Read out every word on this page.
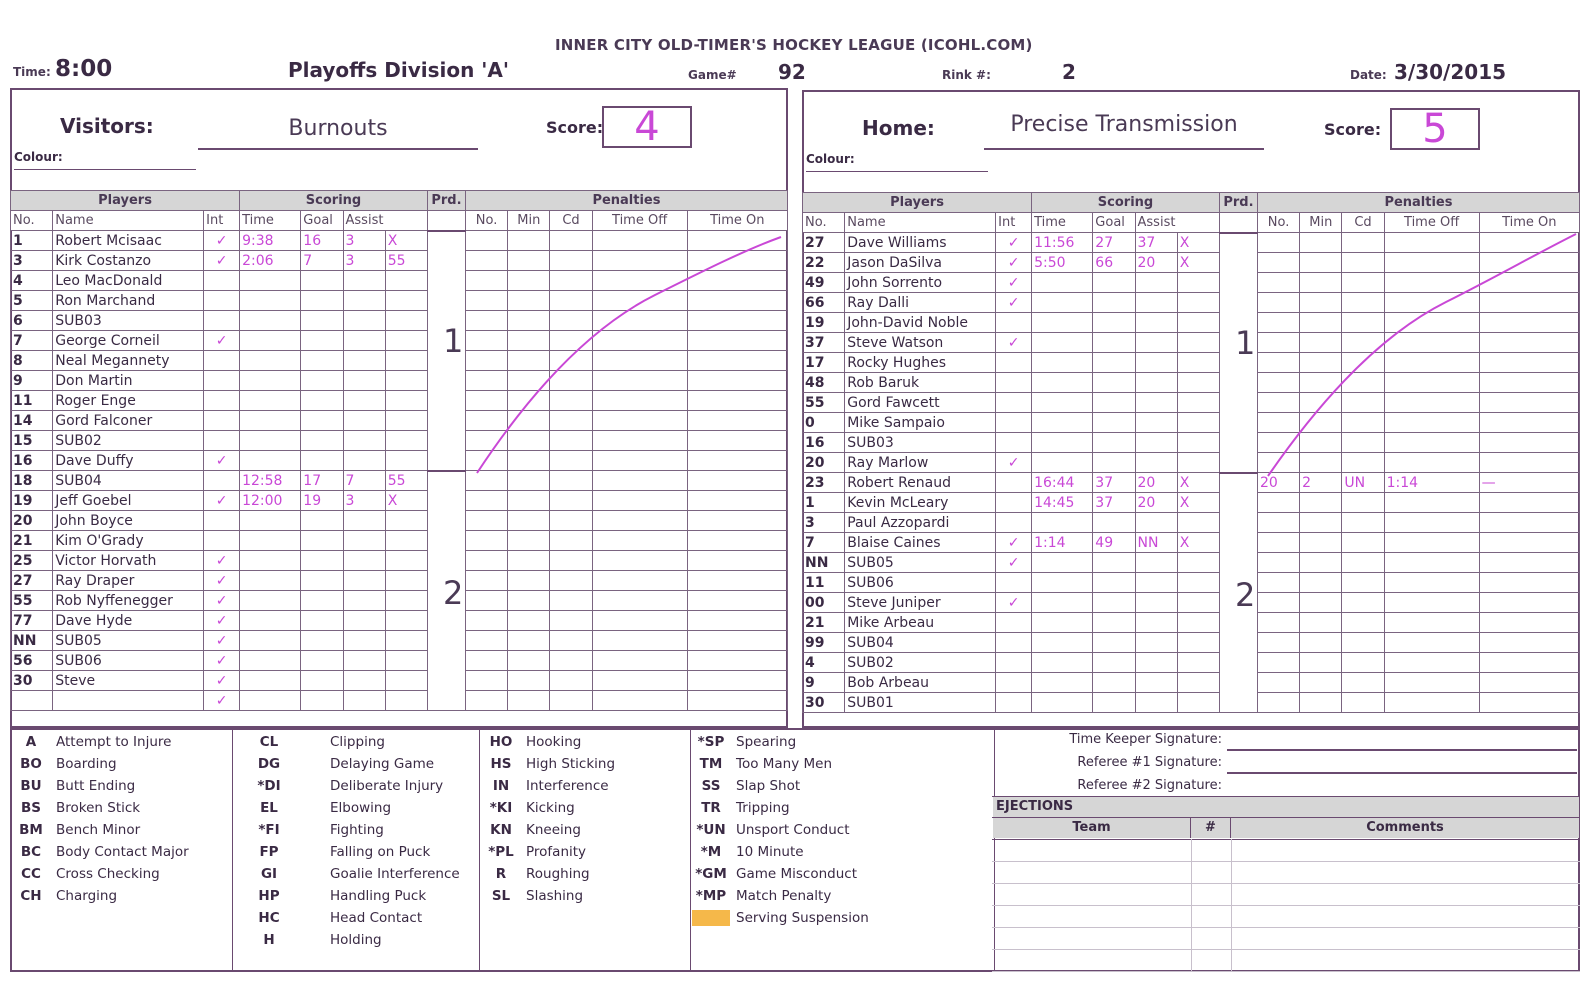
INNER CITY OLD-TIMER'S HOCKEY LEAGUE (ICOHL.COM)
Time: 8:00	Playoffs Division 'A'	Game# 92	Rink #:	2	Date: 3/30/2015
Visitors:	Burnouts	Score: 4
Colour:
Players			Scoring				Prd.	Penalties				
No.	Name	Int	Time	Goal	Assist			No.	Min	Cd	Time Off	Time On
1	Robert Mcisaac	✓	9:38	16	3	X						
3	Kirk Costanzo	✓	2:06	7	3	55						
4	Leo MacDonald											
5	Ron Marchand											
6	SUB03											
7	George Corneil	✓										
8	Neal Megannety											
9	Don Martin											
11	Roger Enge											
14	Gord Falconer											
15	SUB02											
16	Dave Duffy	✓										
18	SUB04		12:58	17	7	55						
19	Jeff Goebel	✓	12:00	19	3	X						
20	John Boyce											
21	Kim O'Grady											
25	Victor Horvath	✓										
27	Ray Draper	✓										
55	Rob Nyffenegger	✓										
77	Dave Hyde	✓										
NN	SUB05	✓										
56	SUB06	✓										
30	Steve	✓										
		✓										
1
2
Home:	Precise Transmission	Score:	5
Colour:
Players			Scoring				Prd.	Penalties				
No.	Name	Int	Time	Goal	Assist			No.	Min	Cd	Time Off	Time On
27	Dave Williams	✓	11:56	27	37	X						
22	Jason DaSilva	✓	5:50	66	20	X						
49	John Sorrento	✓										
66	Ray Dalli	✓										
19	John-David Noble											
37	Steve Watson	✓										
17	Rocky Hughes											
48	Rob Baruk											
55	Gord Fawcett											
0	Mike Sampaio											
16	SUB03											
20	Ray Marlow	✓										
23	Robert Renaud		16:44	37	20	X		20	2	UN	1:14	—
1	Kevin McLeary		14:45	37	20	X						
3	Paul Azzopardi											
7	Blaise Caines	✓	1:14	49	NN	X						
NN	SUB05	✓										
11	SUB06											
00	Steve Juniper	✓										
21	Mike Arbeau											
99	SUB04											
4	SUB02											
9	Bob Arbeau											
30	SUB01											
1
2
A Attempt to Injure
BO Boarding
BU Butt Ending
BS Broken Stick
BM Bench Minor
BC Body Contact Major
CC Cross Checking
CH Charging
CL	Clipping
DG	Delaying Game
*DI	Deliberate Injury
EL	Elbowing
*FI	Fighting
FP	Falling on Puck
GI	Goalie Interference
HP	Handling Puck
HC	Head Contact
H	Holding
HO Hooking
HS High Sticking
IN Interference
*KI Kicking
KN Kneeing
*PL Profanity
R Roughing
SL Slashing
*SP Spearing
TM Too Many Men
SS Slap Shot
TR Tripping
*UN Unsport Conduct
*M 10 Minute
*GM Game Misconduct
*MP Match Penalty
Serving Suspension
Time Keeper Signature:
Referee #1 Signature:
Referee #2 Signature:
EJECTIONS
Team	#	Comments
